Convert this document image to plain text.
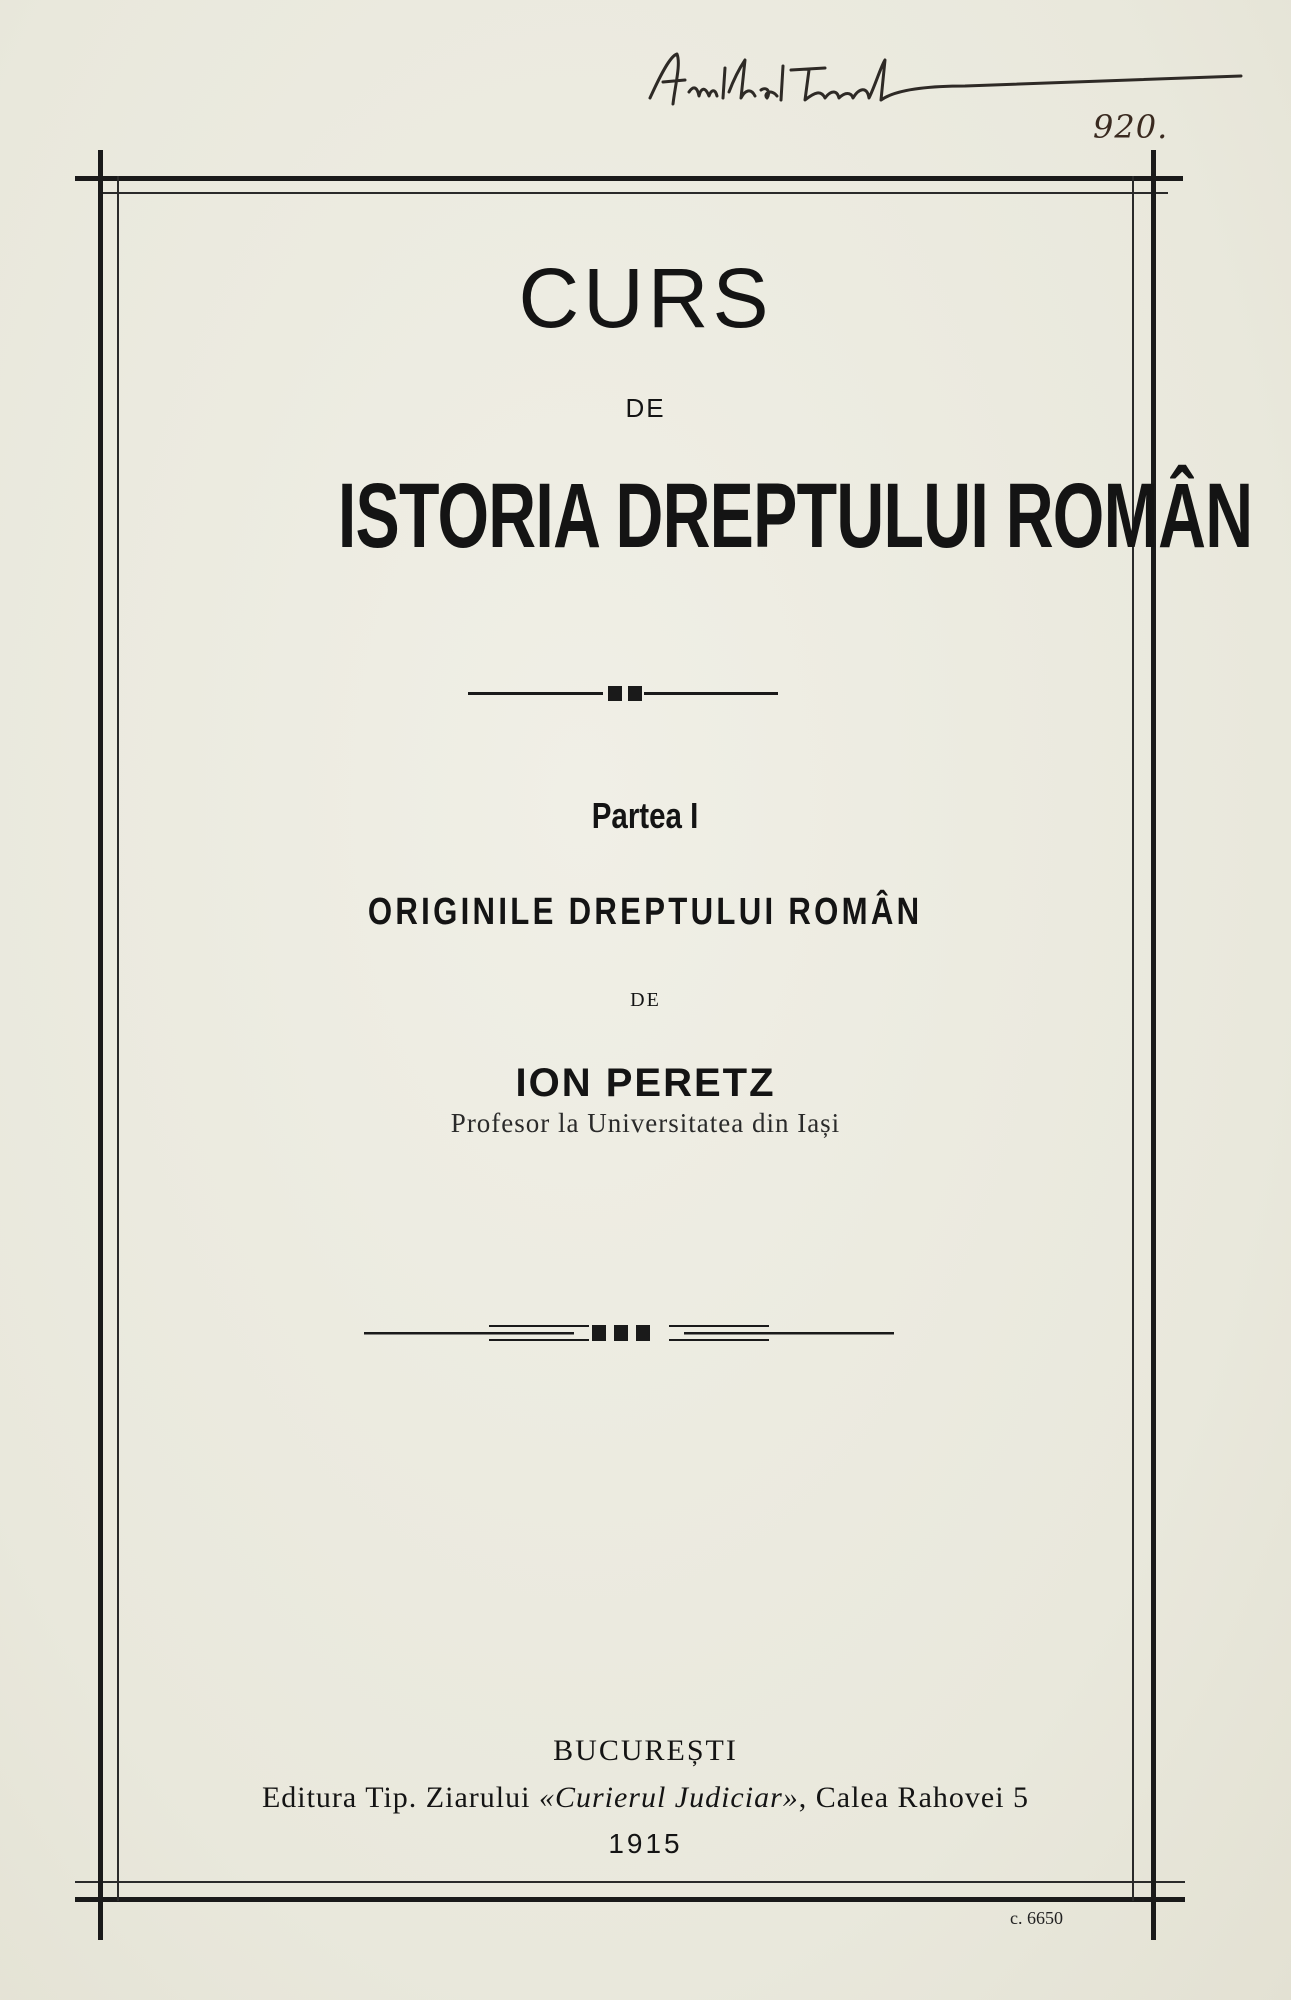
920.
CURS
DE
ISTORIA DREPTULUI ROMÂN
Partea I
ORIGINILE DREPTULUI ROMÂN
DE
ION PERETZ
Profesor la Universitatea din Iași
BUCUREȘTI
Editura Tip. Ziarului «Curierul Judiciar», Calea Rahovei 5
1915
c. 6650
